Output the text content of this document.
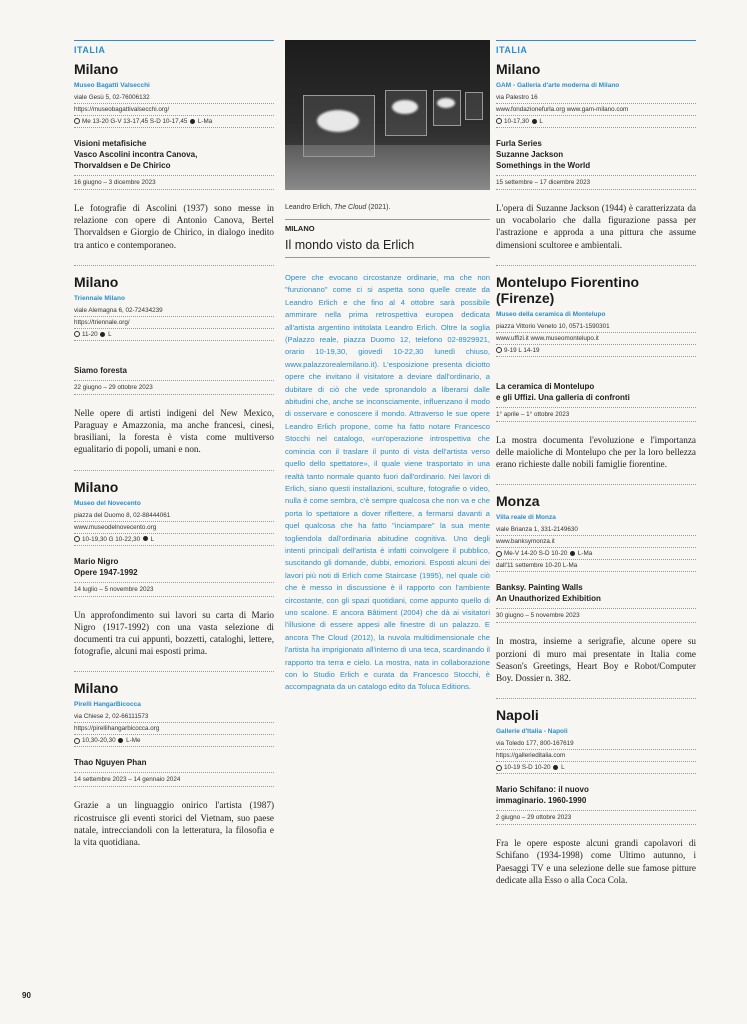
ITALIA
Milano
Museo Bagatti Valsecchi
viale Gesù 5, 02-76006132
https://museobagattivalsecchi.org/
Me 13-20 G-V 13-17,45 S-D 10-17,45 L-Ma
Visioni metafisiche
Vasco Ascolini incontra Canova,
Thorvaldsen e De Chirico
16 giugno – 3 dicembre 2023
Le fotografie di Ascolini (1937) sono messe in relazione con opere di Antonio Canova, Bertel Thorvaldsen e Giorgio de Chirico, in dialogo inedito tra antico e contemporaneo.
Milano
Triennale Milano
viale Alemagna 6, 02-72434239
https://triennale.org/
11-20 L
Siamo foresta
22 giugno – 29 ottobre 2023
Nelle opere di artisti indigeni del New Mexico, Paraguay e Amazzonia, ma anche francesi, cinesi, brasiliani, la foresta è vista come multiverso egualitario di popoli, umani e non.
Milano
Museo del Novecento
piazza del Duomo 8, 02-88444061
www.museodelnovecento.org
10-19,30 G 10-22,30 L
Mario Nigro
Opere 1947-1992
14 luglio – 5 novembre 2023
Un approfondimento sui lavori su carta di Mario Nigro (1917-1992) con una vasta selezione di documenti tra cui appunti, bozzetti, cataloghi, lettere, fotografie, alcuni mai esposti prima.
Milano
Pirelli HangarBicocca
via Chiese 2, 02-66111573
https://pirellihangarbicocca.org
10,30-20,30 L-Me
Thao Nguyen Phan
14 settembre 2023 – 14 gennaio 2024
Grazie a un linguaggio onirico l'artista (1987) ricostruisce gli eventi storici del Vietnam, suo paese natale, intrecciandoli con la letteratura, la filosofia e la vita quotidiana.
Leandro Erlich, The Cloud (2021).
MILANO
Il mondo visto da Erlich
Opere che evocano circostanze ordinarie, ma che non "funzionano" come ci si aspetta sono quelle create da Leandro Erlich e che fino al 4 ottobre sarà possibile ammirare nella prima retrospettiva europea dedicata all'artista argentino intitolata Leandro Erlich. Oltre la soglia (Palazzo reale, piazza Duomo 12, telefono 02-8929921, orario 10-19,30, giovedì 10-22,30 lunedì chiuso, www.palazzorealemilano.it). L'esposizione presenta diciotto opere che invitano il visitatore a deviare dall'ordinario, a dubitare di ciò che vede spronandolo a liberarsi dalle abitudini che, anche se inconsciamente, influenzano il modo di osservare e conoscere il mondo. Attraverso le sue opere Leandro Erlich propone, come ha fatto notare Francesco Stocchi nel catalogo, «un'operazione introspettiva che comincia con il traslare il punto di vista dell'artista verso quello dello spettatore», il quale viene trasportato in una realtà tanto normale quanto fuori dall'ordinario. Nei lavori di Erlich, siano questi installazioni, sculture, fotografie o video, nulla è come sembra, c'è sempre qualcosa che non va e che porta lo spettatore a dover riflettere, a fermarsi davanti a quel qualcosa che ha fatto "inciampare" la sua mente togliendola dall'ordinaria abitudine cognitiva. Uno degli intenti principali dell'artista è infatti coinvolgere il pubblico, suscitando gli domande, dubbi, emozioni. Esposti alcuni dei lavori più noti di Erlich come Staircase (1995), nel quale ciò che è messo in discussione è il rapporto con l'ambiente circostante, con gli spazi quotidiani, come appunto quello di uno scalone. E ancora Bâtiment (2004) che dà ai visitatori l'illusione di essere appesi alle finestre di un palazzo. E ancora The Cloud (2012), la nuvola multidimensionale che l'artista ha imprigionato all'interno di una teca, scardinando il rapporto tra terra e cielo. La mostra, nata in collaborazione con lo Studio Erlich e curata da Francesco Stocchi, è accompagnata da un catalogo edito da Toluca Editions.
ITALIA
Milano
GAM - Galleria d'arte moderna di Milano
via Palestro 16
www.fondazionefurla.org www.gam-milano.com
10-17,30 L
Furla Series
Suzanne Jackson
Somethings in the World
15 settembre – 17 dicembre 2023
L'opera di Suzanne Jackson (1944) è caratterizzata da un vocabolario che dalla figurazione passa per l'astrazione e approda a una pittura che assume dimensioni scultoree e ambientali.
Montelupo Fiorentino (Firenze)
Museo della ceramica di Montelupo
piazza Vittorio Veneto 10, 0571-1590301
www.uffizi.it www.museomontelupo.it
9-19 L 14-19
La ceramica di Montelupo
e gli Uffizi. Una galleria di confronti
1° aprile – 1° ottobre 2023
La mostra documenta l'evoluzione e l'importanza delle maioliche di Montelupo che per la loro bellezza erano richieste dalle nobili famiglie fiorentine.
Monza
Villa reale di Monza
viale Brianza 1, 331-2149630
www.banksymonza.it
Me-V 14-20 S-D 10-20 L-Ma
dall'11 settembre 10-20 L-Ma
Banksy. Painting Walls
An Unauthorized Exhibition
30 giugno – 5 novembre 2023
In mostra, insieme a serigrafie, alcune opere su porzioni di muro mai presentate in Italia come Season's Greetings, Heart Boy e Robot/Computer Boy. Dossier n. 382.
Napoli
Gallerie d'Italia - Napoli
via Toledo 177, 800-167619
https://gallerieditalia.com
10-19 S-D 10-20 L
Mario Schifano: il nuovo
immaginario. 1960-1990
2 giugno – 29 ottobre 2023
Fra le opere esposte alcuni grandi capolavori di Schifano (1934-1998) come Ultimo autunno, i Paesaggi TV e una selezione delle sue famose pitture dedicate alla Esso o alla Coca Cola.
90
